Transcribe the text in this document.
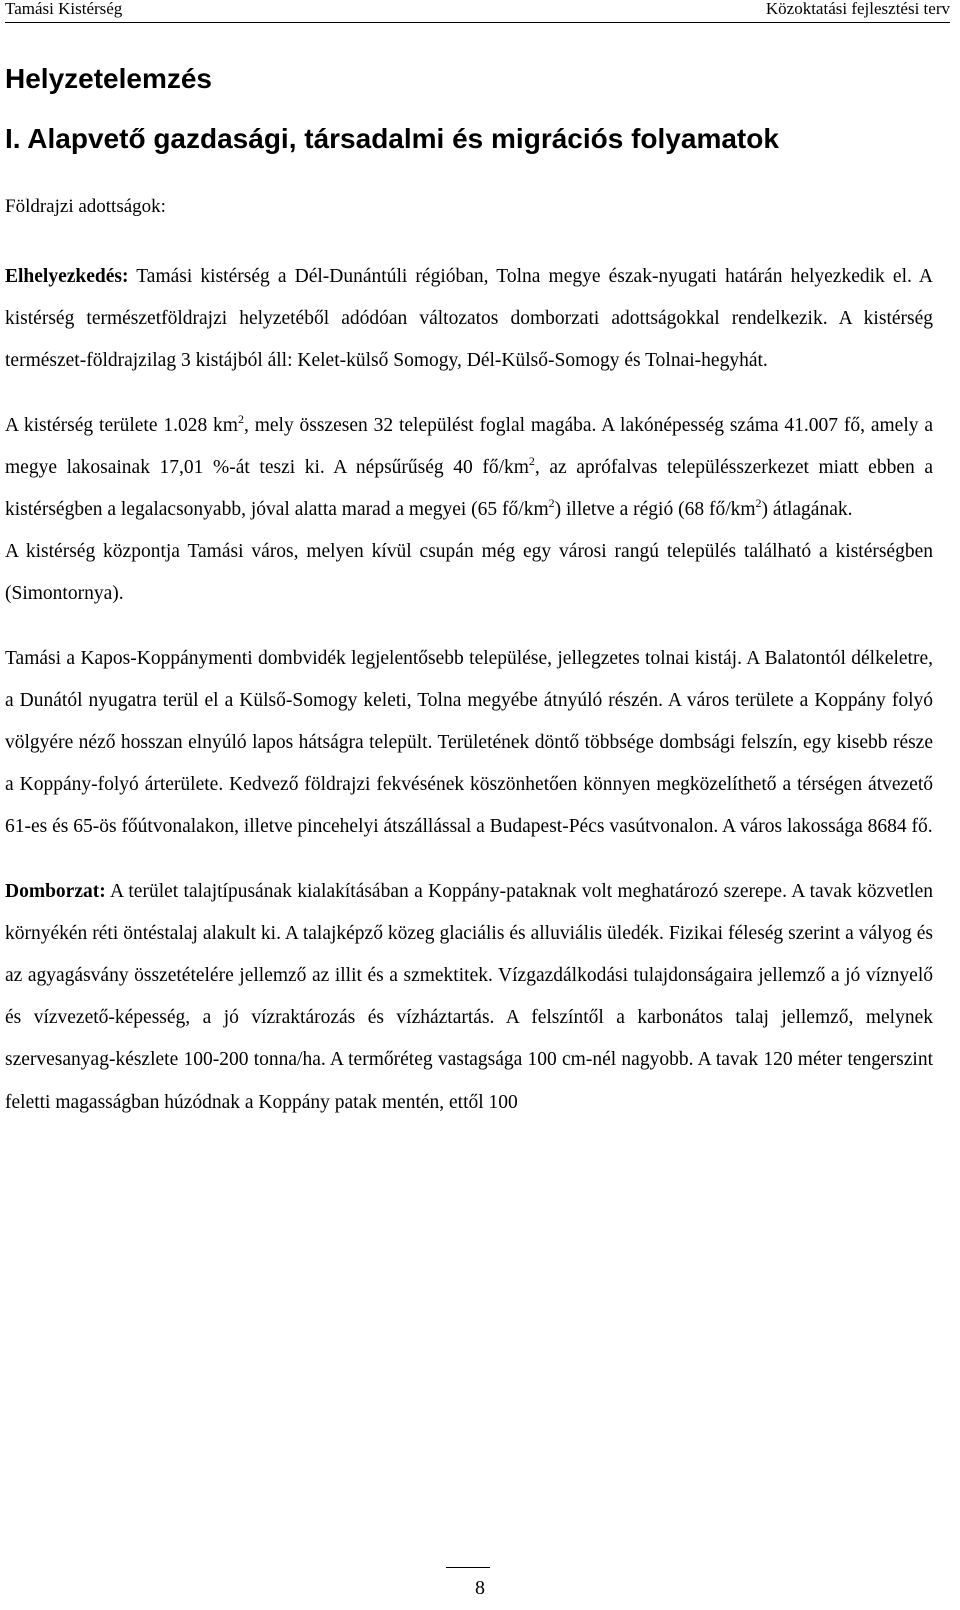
Tamási Kistérség	Közoktatási fejlesztési terv
Helyzetelemzés
I. Alapvető gazdasági, társadalmi és migrációs folyamatok
Földrajzi adottságok:

Elhelyezkedés: Tamási kistérség a Dél-Dunántúli régióban, Tolna megye észak-nyugati határán helyezkedik el. A kistérség természetföldrajzi helyzetéből adódóan változatos domborzati adottságokkal rendelkezik. A kistérség természet-földrajzilag 3 kistájból áll: Kelet-külső Somogy, Dél-Külső-Somogy és Tolnai-hegyhát.

A kistérség területe 1.028 $km^2$, mely összesen 32 települést foglal magába. A lakónépesség száma 41.007 fő, amely a megye lakosainak 17,01 %-át teszi ki. A népsűrűség 40 $fő/km^2$, az aprófalvas településszerkezet miatt ebben a kistérségben a legalacsonyabb, jóval alatta marad a megyei (65 $fő/km^2$) illetve a régió (68 $fő/km^2$) átlagának.

A kistérség központja Tamási város, melyen kívül csupán még egy városi rangú település található a kistérségben (Simontornya).

Tamási a Kapos-Koppánymenti dombvidék legjelentősebb települése, jellegzetes tolnai kistáj. A Balatontól délkeletre, a Dunától nyugatra terül el a Külső-Somogy keleti, Tolna megyébe átnyúló részén. A város területe a Koppány folyó völgyére néző hosszan elnyúló lapos hátságra települt. Területének döntő többsége dombsági felszín, egy kisebb része a Koppány-folyó árterülete. Kedvező földrajzi fekvésének köszönhetően könnyen megközelíthető a térségen átvezető 61-es és 65-ös főútvonalakon, illetve pincehelyi átszállással a Budapest-Pécs vasútvonalon. A város lakossága 8684 fő.

Domborzat: A terület talajtípusának kialakításában a Koppány-pataknak volt meghatározó szerepe. A tavak közvetlen környékén réti öntéstalaj alakult ki. A talajképző közeg glaciális és alluviális üledék. Fizikai féleség szerint a vályog és az agyagásvány összetételére jellemző az illit és a szmektitek. Vízgazdálkodási tulajdonságaira jellemző a jó víznyelő és vízvezető-képesség, a jó vízraktározás és vízháztartás. A felszíntől a karbonátos talaj jellemző, melynek szervesanyag-készlete 100-200 tonna/ha. A termőréteg vastagsága 100 cm-nél nagyobb. A tavak 120 méter tengerszint feletti magasságban húzódnak a Koppány patak mentén, ettől 100

8
